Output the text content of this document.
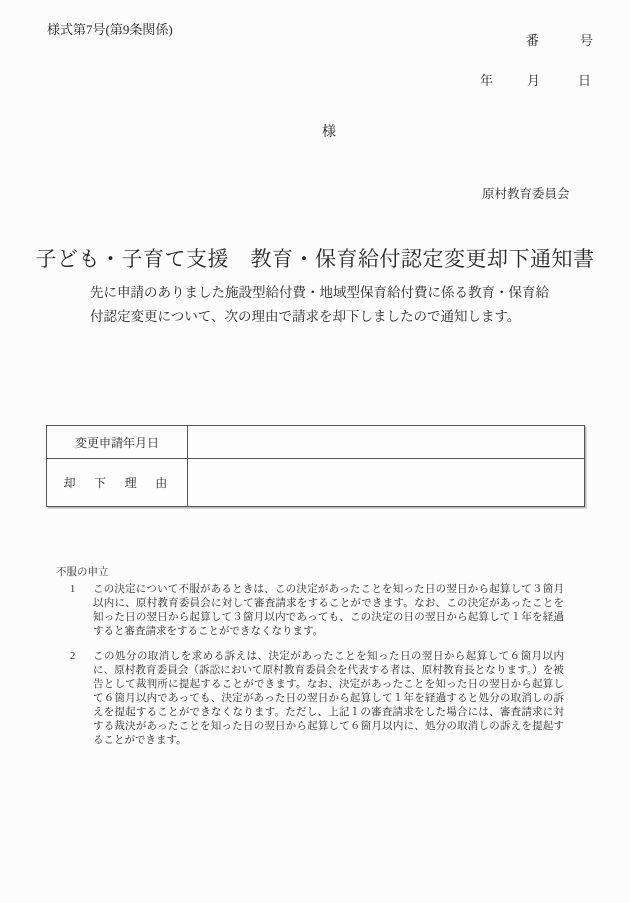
様式第7号(第9条関係)
番	号
年	月	日
様
原村教育委員会
子ども・子育て支援　教育・保育給付認定変更却下通知書
先に申請のありました施設型給付費・地域型保育給付費に係る教育・保育給付認定変更について、次の理由で請求を却下しましたので通知します。
変更申請年月日
却　下　理　由
不服の申立
1 この決定について不服があるときは、この決定があったことを知った日の翌日から起算して３箇月以内に、原村教育委員会に対して審査請求をすることができます。なお、この決定があったことを知った日の翌日から起算して３箇月以内であっても、この決定の日の翌日から起算して１年を経過すると審査請求をすることができなくなります。
2 この処分の取消しを求める訴えは、決定があったことを知った日の翌日から起算して６箇月以内に、原村教育委員会（訴訟において原村教育委員会を代表する者は、原村教育長となります。）を被告として裁判所に提起することができます。なお、決定があったことを知った日の翌日から起算して６箇月以内であっても、決定があった日の翌日から起算して１年を経過すると処分の取消しの訴えを提起することができなくなります。ただし、上記１の審査請求をした場合には、審査請求に対する裁決があったことを知った日の翌日から起算して６箇月以内に、処分の取消しの訴えを提起することができます。
